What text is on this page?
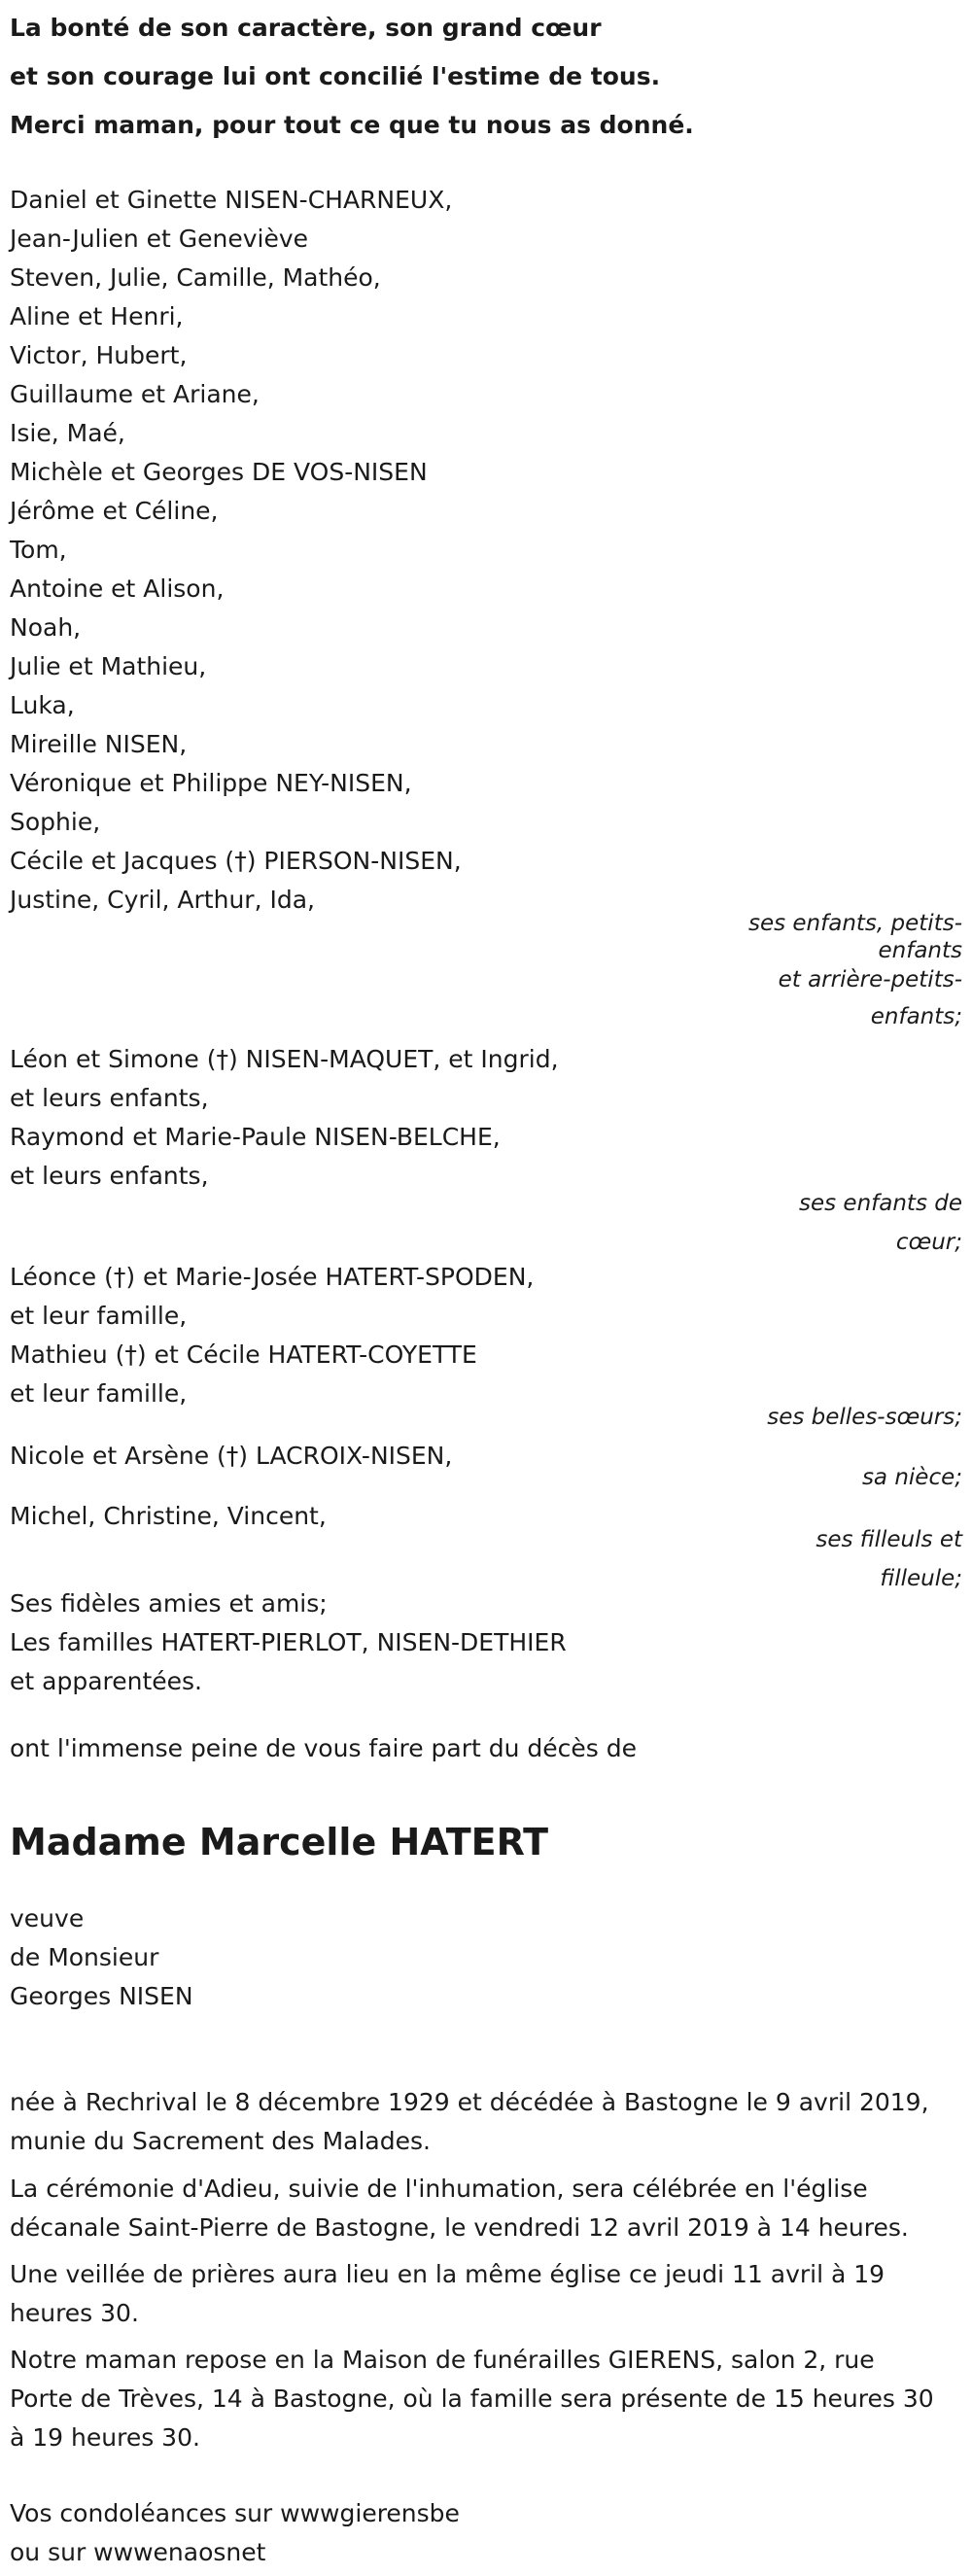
La bonté de son caractère, son grand cœur
et son courage lui ont concilié l'estime de tous.
Merci maman, pour tout ce que tu nous as donné.
Daniel et Ginette NISEN-CHARNEUX,
Jean-Julien et Geneviève
Steven, Julie, Camille, Mathéo,
Aline et Henri,
Victor, Hubert,
Guillaume et Ariane,
Isie, Maé,
Michèle et Georges DE VOS-NISEN
Jérôme et Céline,
Tom,
Antoine et Alison,
Noah,
Julie et Mathieu,
Luka,
Mireille NISEN,
Véronique et Philippe NEY-NISEN,
Sophie,
Cécile et Jacques (†) PIERSON-NISEN,
Justine, Cyril, Arthur, Ida,
ses enfants, petits-
enfants
et arrière-petits-
enfants;
Léon et Simone (†) NISEN-MAQUET, et Ingrid,
et leurs enfants,
Raymond et Marie-Paule NISEN-BELCHE,
et leurs enfants,
ses enfants de
cœur;
Léonce (†) et Marie-Josée HATERT-SPODEN,
et leur famille,
Mathieu (†) et Cécile HATERT-COYETTE
et leur famille,
ses belles-sœurs;
Nicole et Arsène (†) LACROIX-NISEN,
sa nièce;
Michel, Christine, Vincent,
ses filleuls et
filleule;
Ses fidèles amies et amis;
Les familles HATERT-PIERLOT, NISEN-DETHIER
et apparentées.
ont l'immense peine de vous faire part du décès de
Madame Marcelle HATERT
veuve
de Monsieur
Georges NISEN
née à Rechrival le 8 décembre 1929 et décédée à Bastogne le 9 avril 2019, munie du Sacrement des Malades.
La cérémonie d'Adieu, suivie de l'inhumation, sera célébrée en l'église décanale Saint-Pierre de Bastogne, le vendredi 12 avril 2019 à 14 heures.
Une veillée de prières aura lieu en la même église ce jeudi 11 avril à 19 heures 30.
Notre maman repose en la Maison de funérailles GIERENS, salon 2, rue Porte de Trèves, 14 à Bastogne, où la famille sera présente de 15 heures 30 à 19 heures 30.
Vos condoléances sur wwwgierensbe
ou sur wwwenaosnet
